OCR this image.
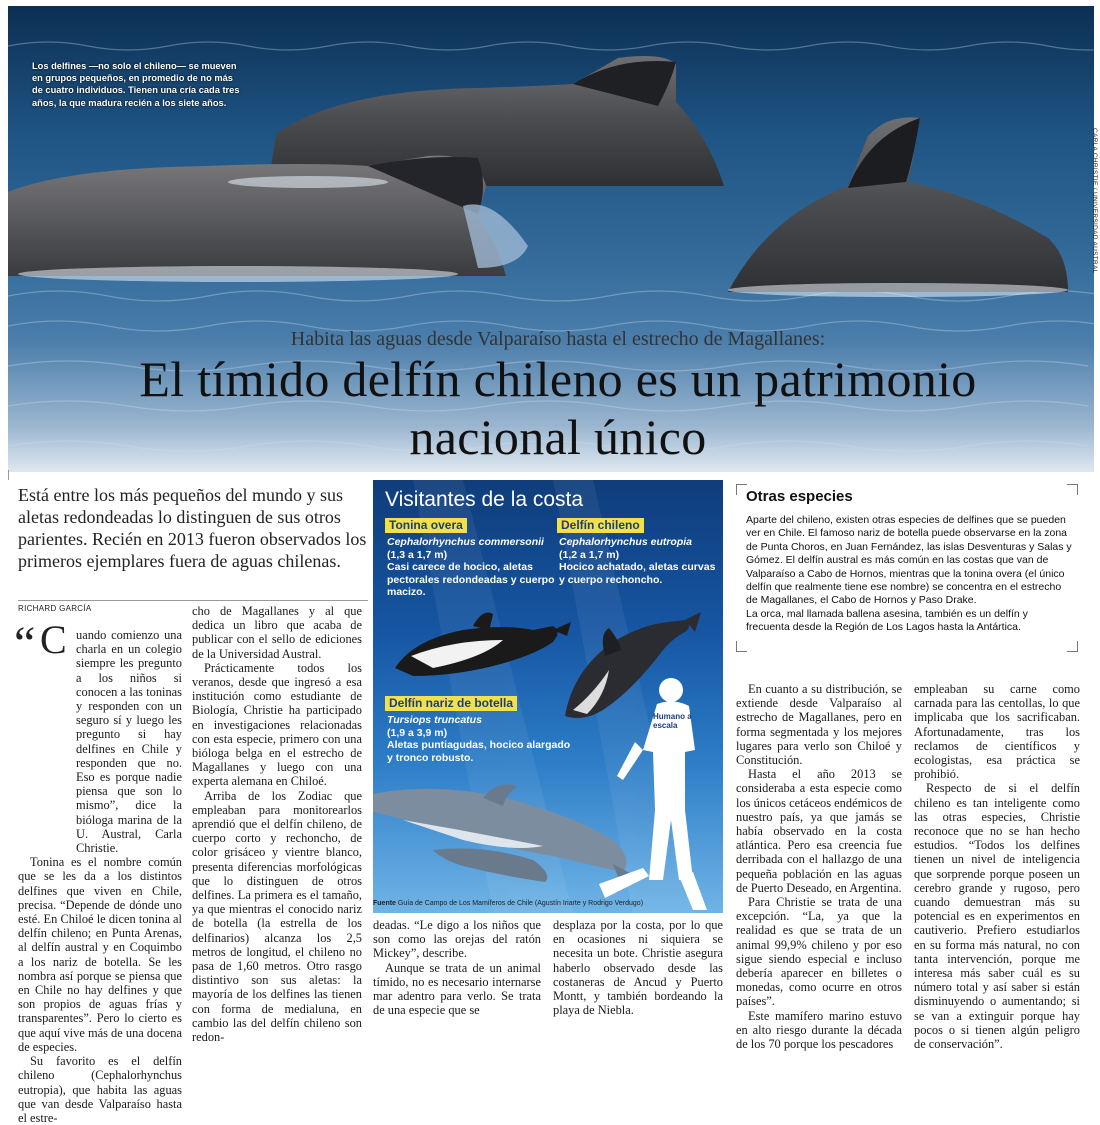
Los delfines —no solo el chileno— se mueven en grupos pequeños, en promedio de no más de cuatro individuos. Tienen una cría cada tres años, la que madura recién a los siete años.

Habita las aguas desde Valparaíso hasta el estrecho de Magallanes:
El tímido delfín chileno es un patrimonio nacional único
CARLA CHRISTIE / UNIVERSIDAD AUSTRAL

Está entre los más pequeños del mundo y sus aletas redondeadas lo distinguen de sus otros parientes. Recién en 2013 fueron observados los primeros ejemplares fuera de aguas chilenas.

RICHARD GARCÍA
“ C uando comienzo una charla en un colegio siempre les pregunto a los niños si conocen a las toninas y responden con un seguro sí y luego les pregunto si hay delfines en Chile y responden que no. Eso es porque nadie piensa que son lo mismo”, dice la bióloga marina de la U. Austral, Carla Christie.

Tonina es el nombre común que se les da a los distintos delfines que viven en Chile, precisa. “Depende de dónde uno esté. En Chiloé le dicen tonina al delfín chileno; en Punta Arenas, al delfín austral y en Coquimbo a los nariz de botella. Se les nombra así porque se piensa que en Chile no hay delfines y que son propios de aguas frías y transparentes”. Pero lo cierto es que aquí vive más de una docena de especies.

Su favorito es el delfín chileno (Cephalorhynchus eutropia), que habita las aguas que van desde Valparaíso hasta el estre-

cho de Magallanes y al que dedica un libro que acaba de publicar con el sello de ediciones de la Universidad Austral.

Prácticamente todos los veranos, desde que ingresó a esa institución como estudiante de Biología, Christie ha participado en investigaciones relacionadas con esta especie, primero con una bióloga belga en el estrecho de Magallanes y luego con una experta alemana en Chiloé.

Arriba de los Zodiac que empleaban para monitorearlos aprendió que el delfín chileno, de cuerpo corto y rechoncho, de color grisáceo y vientre blanco, presenta diferencias morfológicas que lo distinguen de otros delfines. La primera es el tamaño, ya que mientras el conocido nariz de botella (la estrella de los delfinarios) alcanza los 2,5 metros de longitud, el chileno no pasa de 1,60 metros. Otro rasgo distintivo son sus aletas: la mayoría de los delfines las tienen con forma de medialuna, en cambio las del delfín chileno son redon-

deadas. “Le digo a los niños que son como las orejas del ratón Mickey”, describe.

Aunque se trata de un animal tímido, no es necesario internarse mar adentro para verlo. Se trata de una especie que se

desplaza por la costa, por lo que en ocasiones ni siquiera se necesita un bote. Christie asegura haberlo observado desde las costaneras de Ancud y Puerto Montt, y también bordeando la playa de Niebla.

En cuanto a su distribución, se extiende desde Valparaíso al estrecho de Magallanes, pero en forma segmentada y los mejores lugares para verlo son Chiloé y Constitución.

Hasta el año 2013 se consideraba a esta especie como los únicos cetáceos endémicos de nuestro país, ya que jamás se había observado en la costa atlántica. Pero esa creencia fue derribada con el hallazgo de una pequeña población en las aguas de Puerto Deseado, en Argentina.

Para Christie se trata de una excepción. “La, ya que la realidad es que se trata de un animal 99,9% chileno y por eso sigue siendo especial e incluso debería aparecer en billetes o monedas, como ocurre en otros países”.

Este mamífero marino estuvo en alto riesgo durante la década de los 70 porque los pescadores

empleaban su carne como carnada para las centollas, lo que implicaba que los sacrificaban. Afortunadamente, tras los reclamos de científicos y ecologistas, esa práctica se prohibió.

Respecto de si el delfín chileno es tan inteligente como las otras especies, Christie reconoce que no se han hecho estudios. “Todos los delfines tienen un nivel de inteligencia que sorprende porque poseen un cerebro grande y rugoso, pero cuando demuestran más su potencial es en experimentos en cautiverio. Prefiero estudiarlos en su forma más natural, no con tanta intervención, porque me interesa más saber cuál es su número total y así saber si están disminuyendo o aumentando; si se van a extinguir porque hay pocos o si tienen algún peligro de conservación”.

Visitantes de la costa
Tonina overa
Cephalorhynchus commersonii
(1,3 a 1,7 m)
Casi carece de hocico, aletas pectorales redondeadas y cuerpo macizo.
Delfín chileno
Cephalorhynchus eutropia
(1,2 a 1,7 m)
Hocico achatado, aletas curvas y cuerpo rechoncho.
Delfín nariz de botella
Tursiops truncatus
(1,9 a 3,9 m)
Aletas puntiagudas, hocico alargado y tronco robusto.
Humano a escala
Fuente Guía de Campo de Los Mamíferos de Chile (Agustín Iriarte y Rodrigo Verdugo)
Otras especies

Aparte del chileno, existen otras especies de delfines que se pueden ver en Chile. El famoso nariz de botella puede observarse en la zona de Punta Choros, en Juan Fernández, las islas Desventuras y Salas y Gómez. El delfín austral es más común en las costas que van de Valparaíso a Cabo de Hornos, mientras que la tonina overa (el único delfín que realmente tiene ese nombre) se concentra en el estrecho de Magallanes, el Cabo de Hornos y Paso Drake.

La orca, mal llamada ballena asesina, también es un delfín y frecuenta desde la Región de Los Lagos hasta la Antártica.
